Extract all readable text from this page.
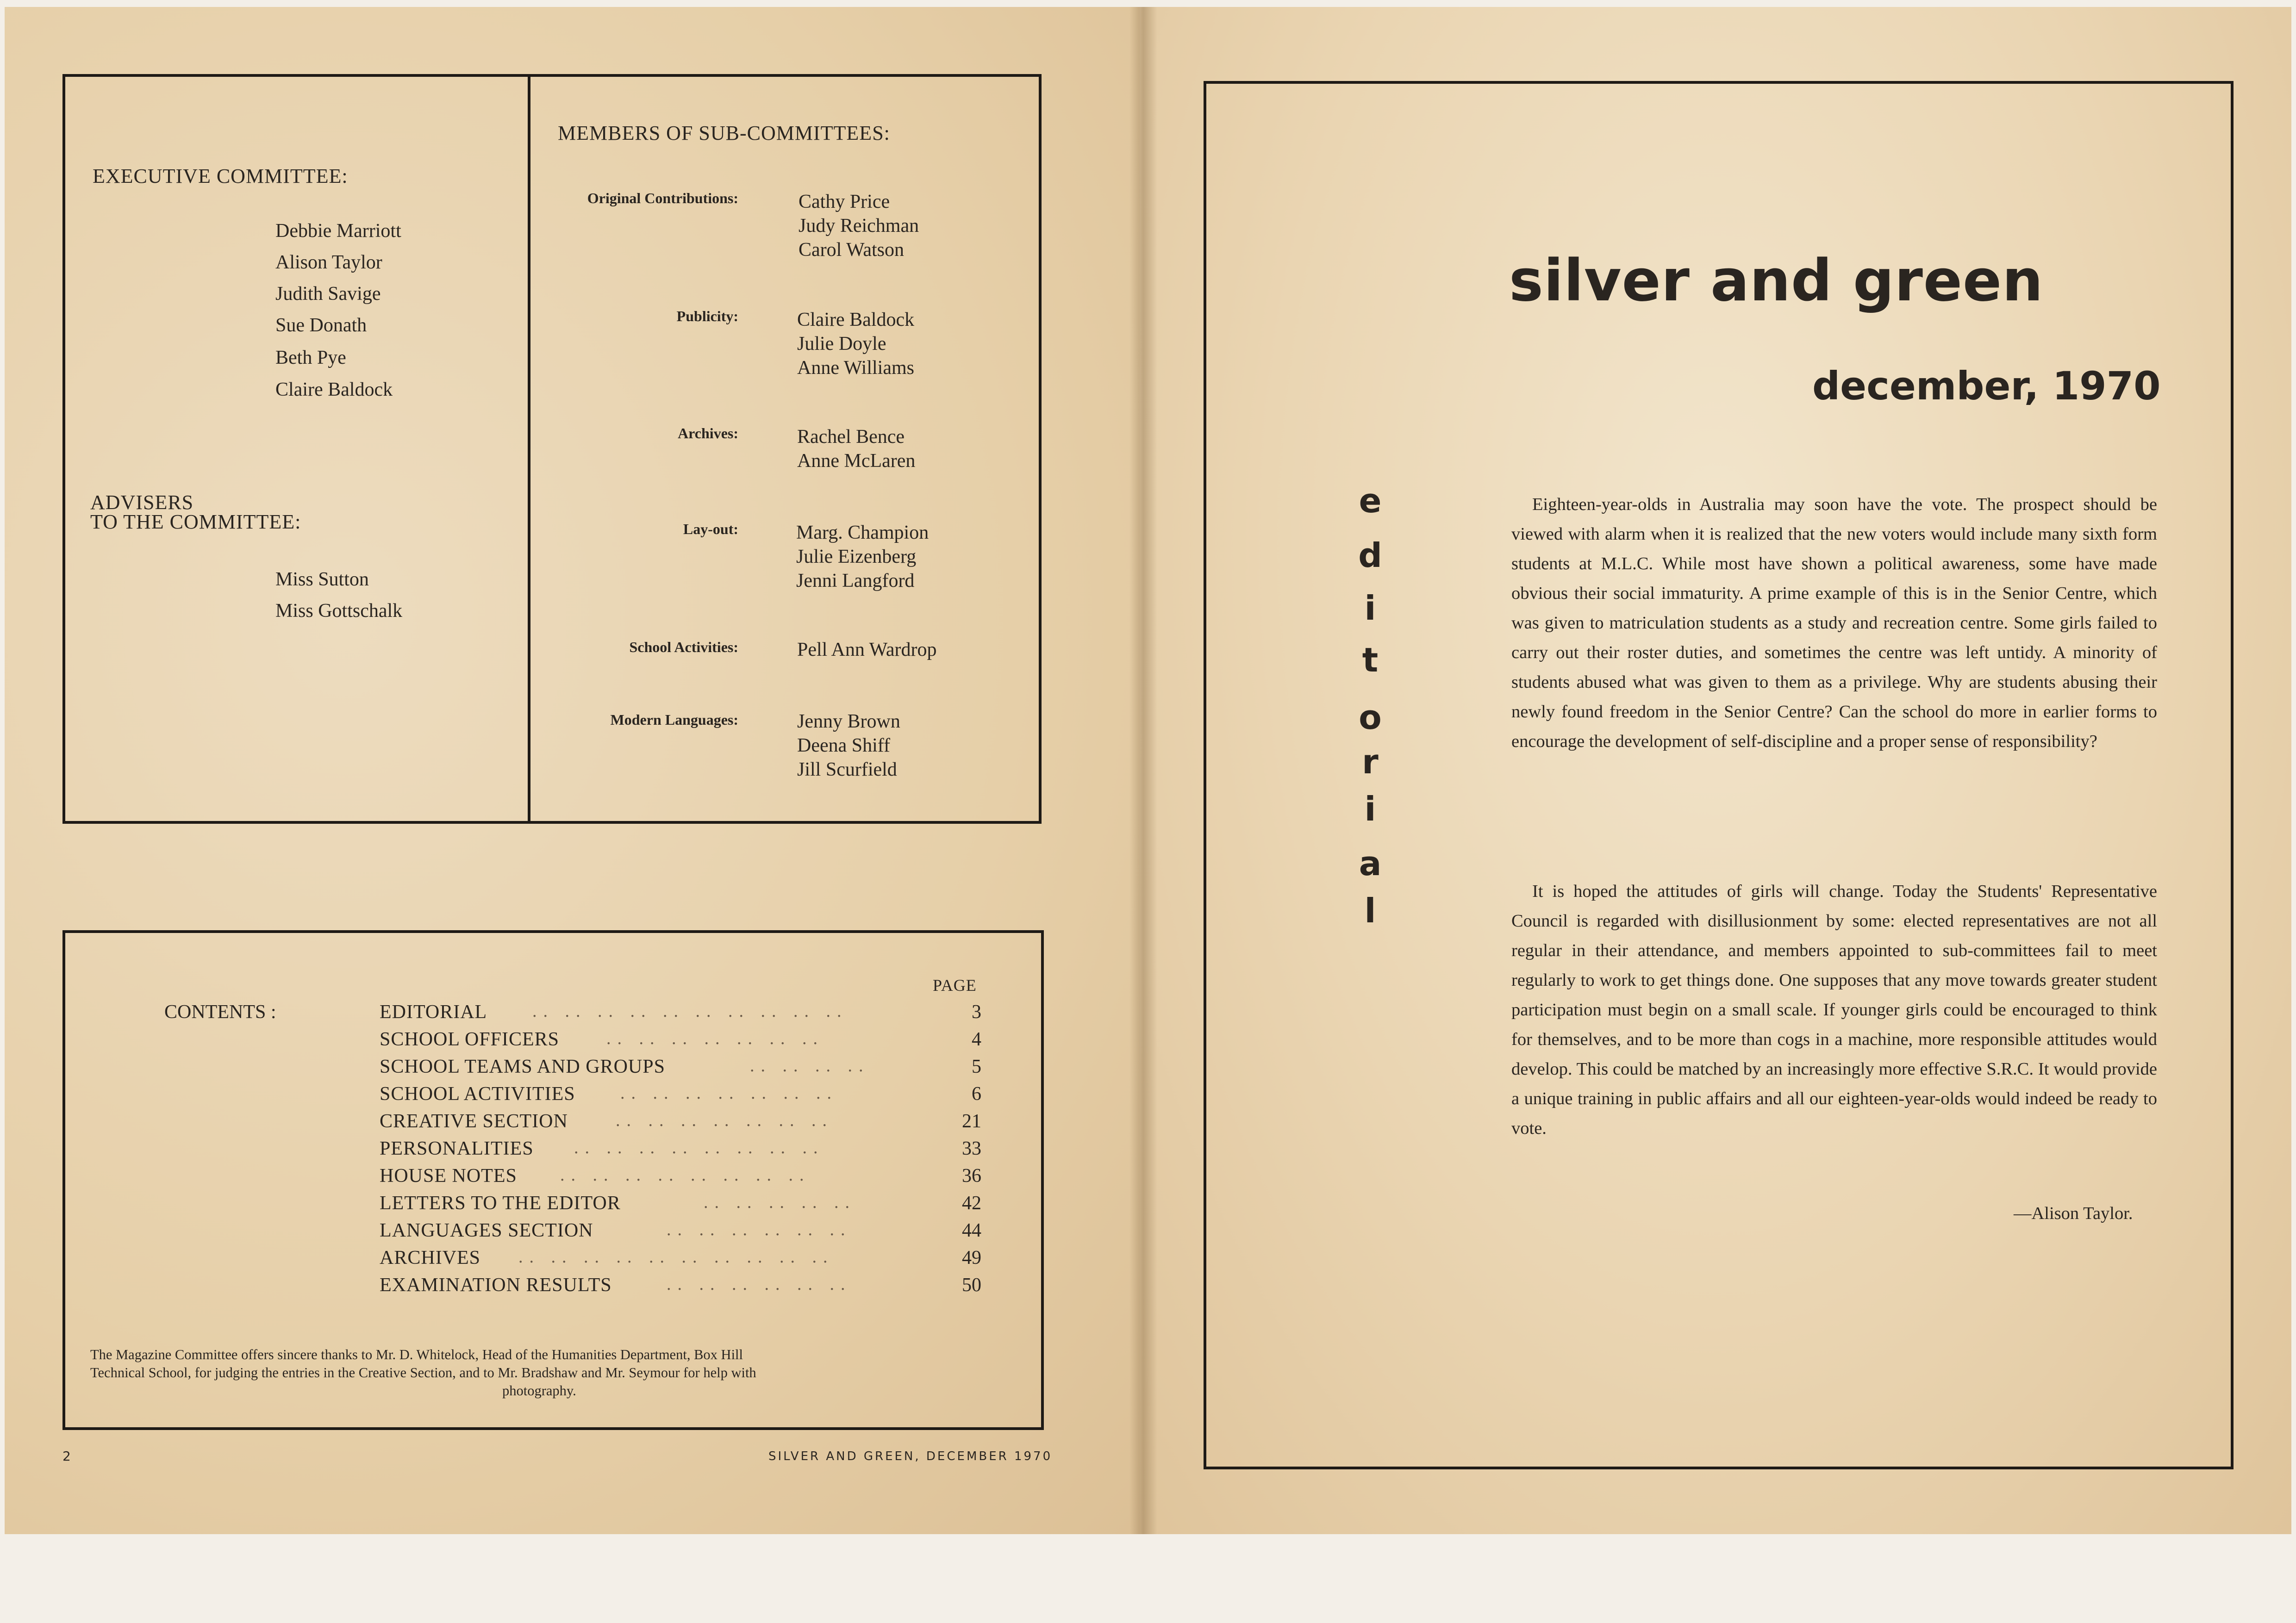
EXECUTIVE COMMITTEE:
Debbie Marriott
Alison Taylor
Judith Savige
Sue Donath
Beth Pye
Claire Baldock
ADVISERS
TO THE COMMITTEE:
Miss Sutton
Miss Gottschalk
MEMBERS OF SUB-COMMITTEES:
Original Contributions:	Cathy Price
Judy Reichman
Carol Watson
Publicity:	Claire Baldock
Julie Doyle
Anne Williams
Archives:	Rachel Bence
Anne McLaren
Lay-out:	Marg. Champion
Julie Eizenberg
Jenni Langford
School Activities:	Pell Ann Wardrop
Modern Languages:	Jenny Brown
Deena Shiff
Jill Scurfield
PAGE
CONTENTS :	EDITORIAL	.. .. .. .. .. .. .. .. .. ..	3
SCHOOL OFFICERS	.. .. .. .. .. .. ..	4
SCHOOL TEAMS AND GROUPS	.. .. .. ..	5
SCHOOL ACTIVITIES	.. .. .. .. .. .. ..	6
CREATIVE SECTION	.. .. .. .. .. .. ..	21
PERSONALITIES .. .. .. .. .. .. .. ..	33
HOUSE NOTES .. .. .. .. .. .. .. ..	36
LETTERS TO THE EDITOR	.. .. .. .. ..	42
LANGUAGES SECTION	.. .. .. .. .. ..	44
ARCHIVES .. .. .. .. .. .. .. .. .. ..	49
EXAMINATION RESULTS	.. .. .. .. .. ..	50
The Magazine Committee offers sincere thanks to Mr. D. Whitelock, Head of the Humanities Department, Box Hill
Technical School, for judging the entries in the Creative Section, and to Mr. Bradshaw and Mr. Seymour for help with
photography.
2	SILVER AND GREEN, DECEMBER 1970
silver and green
december, 1970
e
d
i
t
o
r
i
a
l
Eighteen-year-olds in Australia may soon have the vote. The prospect should be viewed with alarm when it is realized that the new voters would include many sixth form students at M.L.C. While most have shown a political awareness, some have made obvious their social immaturity. A prime example of this is in the Senior Centre, which was given to matriculation students as a study and recreation centre. Some girls failed to carry out their roster duties, and sometimes the centre was left untidy. A minority of students abused what was given to them as a privilege. Why are students abusing their newly found freedom in the Senior Centre? Can the school do more in earlier forms to encourage the development of self-discipline and a proper sense of responsibility?
It is hoped the attitudes of girls will change. Today the Students' Representative Council is regarded with disillusionment by some: elected representatives are not all regular in their attendance, and members appointed to sub-committees fail to meet regularly to work to get things done. One supposes that any move towards greater student participation must begin on a small scale. If younger girls could be encouraged to think for themselves, and to be more than cogs in a machine, more responsible attitudes would develop. This could be matched by an increasingly more effective S.R.C. It would provide a unique training in public affairs and all our eighteen-year-olds would indeed be ready to vote.
—Alison Taylor.
